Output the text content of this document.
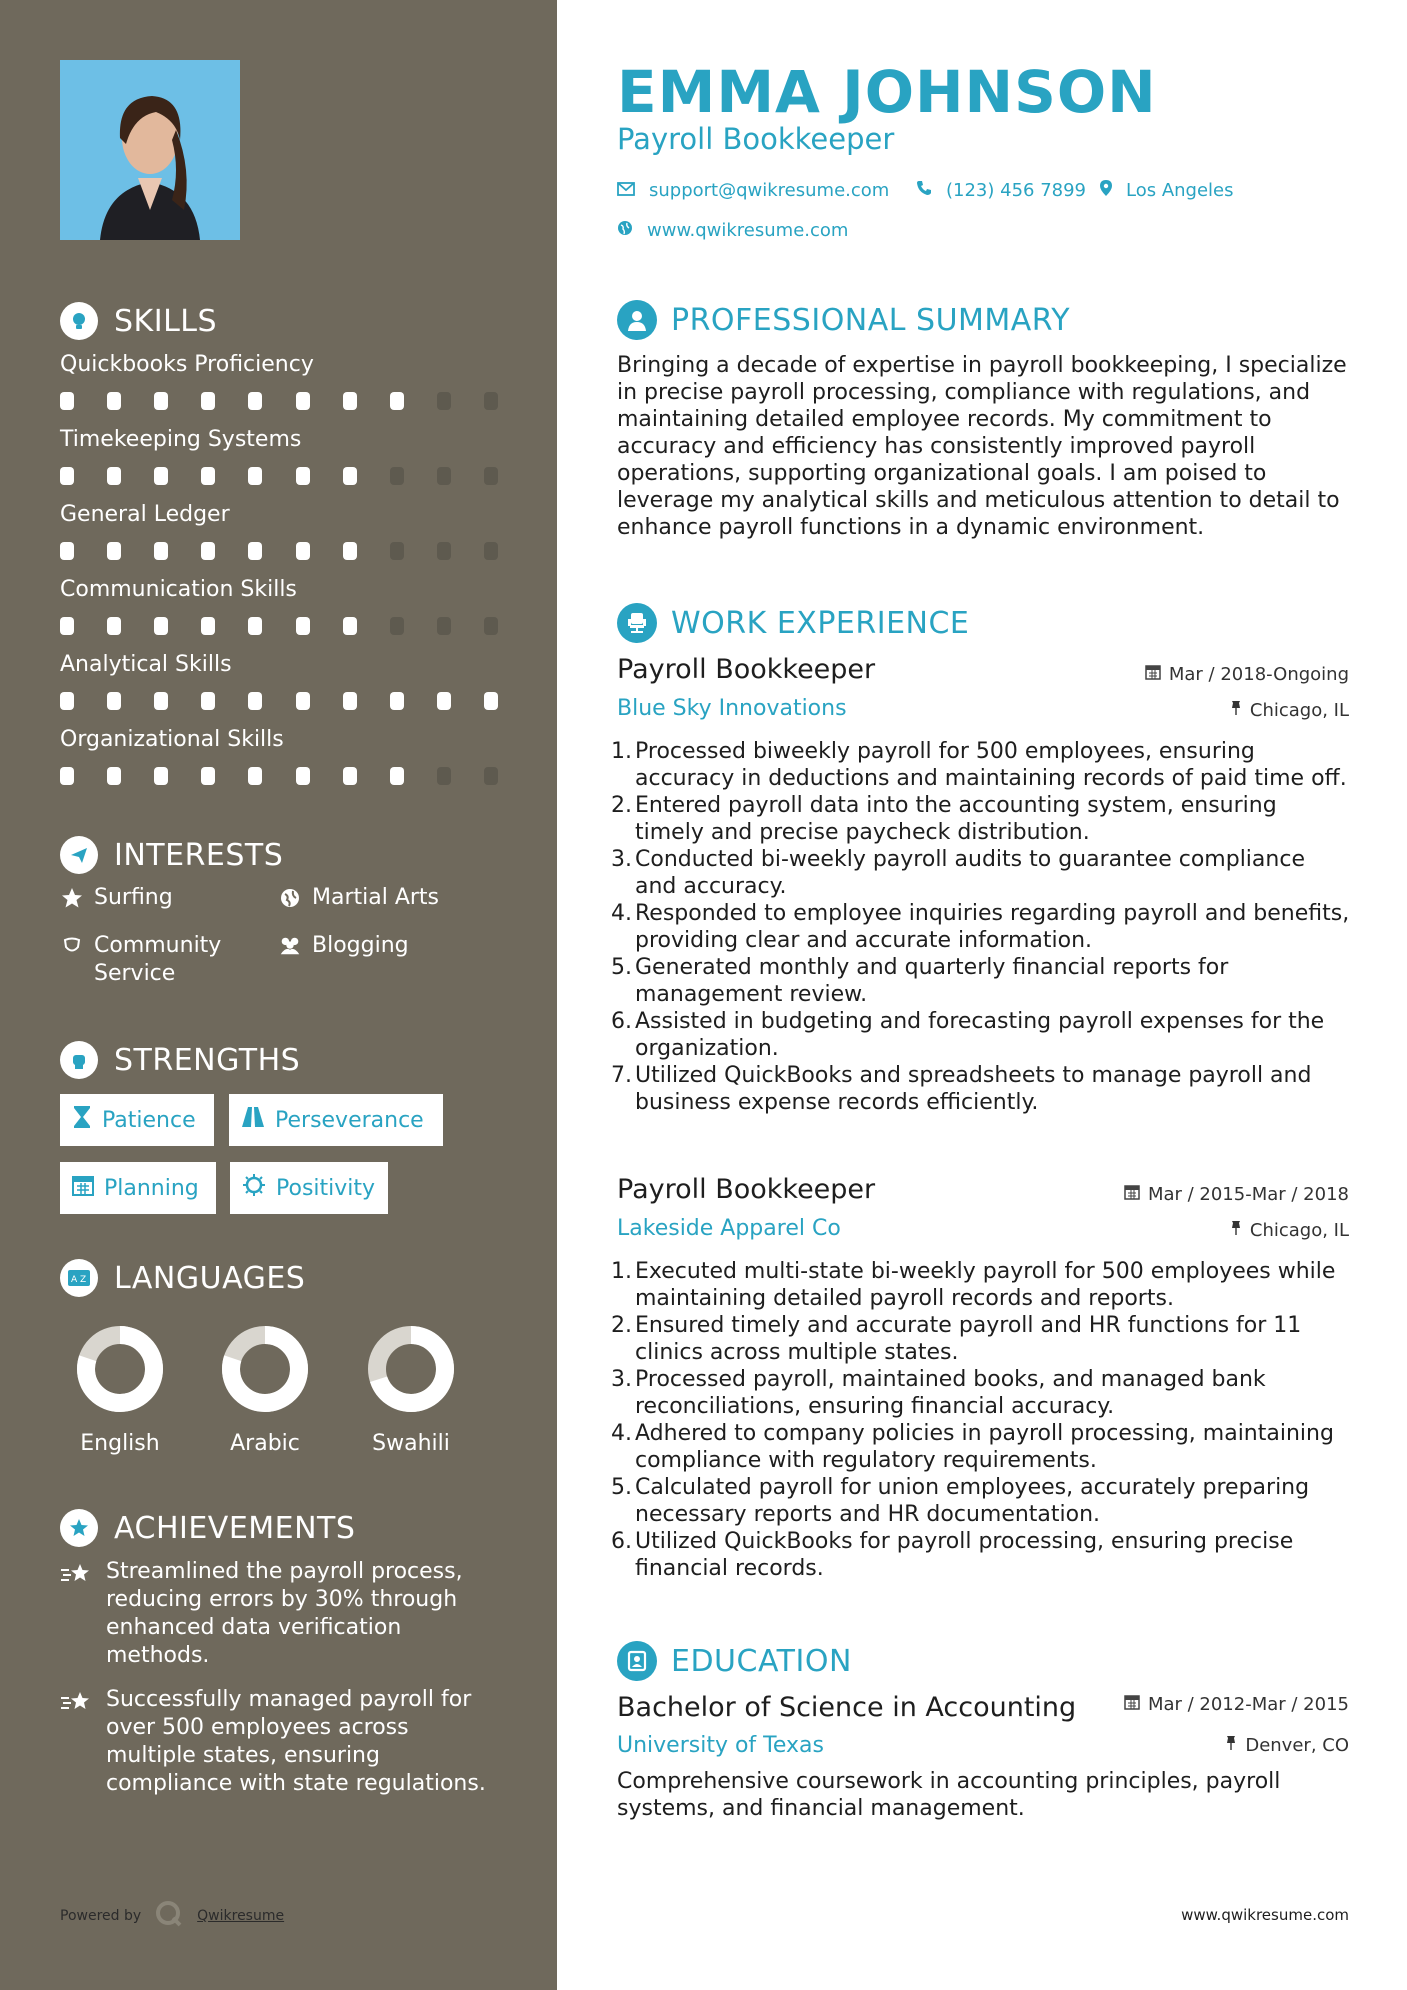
SKILLS
Quickbooks Proficiency
Timekeeping Systems
General Ledger
Communication Skills
Analytical Skills
Organizational Skills
INTERESTS
Surfing	Martial Arts
Community Service
Blogging
STRENGTHS
Patience	Perseverance
Planning	Positivity
A Z LANGUAGES
English	Arabic	Swahili
ACHIEVEMENTS
Streamlined the payroll process, reducing errors by 30% through enhanced data verification methods.
Successfully managed payroll for over 500 employees across multiple states, ensuring compliance with state regulations.
Powered by	Qwikresume
EMMA JOHNSON
Payroll Bookkeeper
support@qwikresume.com	(123) 456 7899 Los Angeles
www.qwikresume.com
PROFESSIONAL SUMMARY

Bringing a decade of expertise in payroll bookkeeping, I specialize in precise payroll processing, compliance with regulations, and maintaining detailed employee records. My commitment to accuracy and efficiency has consistently improved payroll operations, supporting organizational goals. I am poised to leverage my analytical skills and meticulous attention to detail to enhance payroll functions in a dynamic environment.

WORK EXPERIENCE
Payroll Bookkeeper	Mar / 2018-Ongoing
Blue Sky Innovations	Chicago, IL
1. Processed biweekly payroll for 500 employees, ensuring accuracy in deductions and maintaining records of paid time off.
2. Entered payroll data into the accounting system, ensuring timely and precise paycheck distribution.
3. Conducted bi-weekly payroll audits to guarantee compliance and accuracy.
4. Responded to employee inquiries regarding payroll and benefits, providing clear and accurate information.
5. Generated monthly and quarterly financial reports for management review.
6. Assisted in budgeting and forecasting payroll expenses for the organization.
7. Utilized QuickBooks and spreadsheets to manage payroll and business expense records efficiently.
Payroll Bookkeeper	Mar / 2015-Mar / 2018
Lakeside Apparel Co	Chicago, IL
1. Executed multi-state bi-weekly payroll for 500 employees while maintaining detailed payroll records and reports.
2. Ensured timely and accurate payroll and HR functions for 11 clinics across multiple states.
3. Processed payroll, maintained books, and managed bank reconciliations, ensuring financial accuracy.
4. Adhered to company policies in payroll processing, maintaining compliance with regulatory requirements.
5. Calculated payroll for union employees, accurately preparing necessary reports and HR documentation.
6. Utilized QuickBooks for payroll processing, ensuring precise financial records.
EDUCATION
Bachelor of Science in Accounting	Mar / 2012-Mar / 2015
University of Texas	Denver, CO

Comprehensive coursework in accounting principles, payroll systems, and financial management.

www.qwikresume.com
